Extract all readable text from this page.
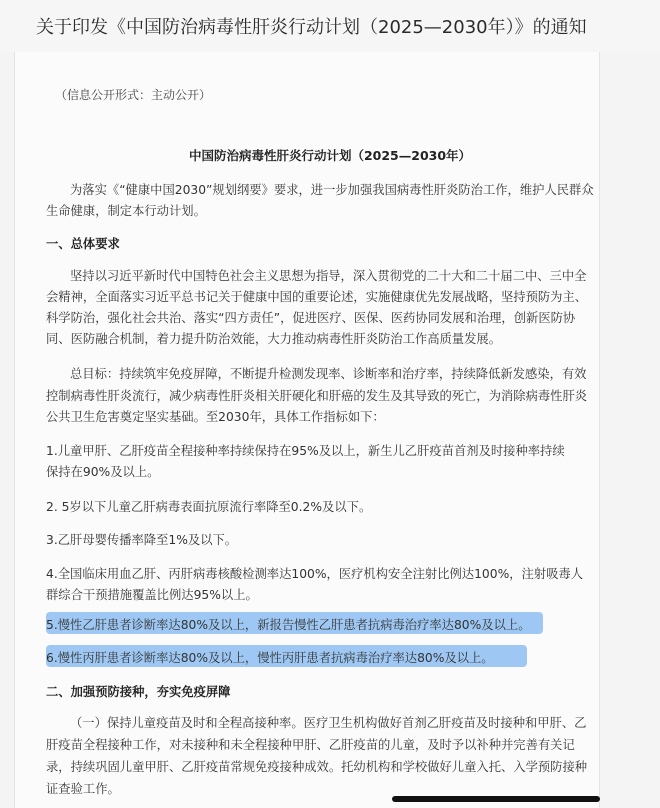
关于印发《中国防治病毒性肝炎行动计划（2025—2030年）》的通知
（信息公开形式：主动公开）
中国防治病毒性肝炎行动计划（2025—2030年）
为落实《“健康中国2030”规划纲要》要求，进一步加强我国病毒性肝炎防治工作，维护人民群众
生命健康，制定本行动计划。
一、总体要求
坚持以习近平新时代中国特色社会主义思想为指导，深入贯彻党的二十大和二十届二中、三中全
会精神，全面落实习近平总书记关于健康中国的重要论述，实施健康优先发展战略，坚持预防为主、
科学防治，强化社会共治、落实“四方责任”，促进医疗、医保、医药协同发展和治理，创新医防协
同、医防融合机制，着力提升防治效能，大力推动病毒性肝炎防治工作高质量发展。
总目标：持续筑牢免疫屏障，不断提升检测发现率、诊断率和治疗率，持续降低新发感染，有效
控制病毒性肝炎流行，减少病毒性肝炎相关肝硬化和肝癌的发生及其导致的死亡，为消除病毒性肝炎
公共卫生危害奠定坚实基础。至2030年，具体工作指标如下：
1.儿童甲肝、乙肝疫苗全程接种率持续保持在95%及以上，新生儿乙肝疫苗首剂及时接种率持续
保持在90%及以上。
2. 5岁以下儿童乙肝病毒表面抗原流行率降至0.2%及以下。
3.乙肝母婴传播率降至1%及以下。
4.全国临床用血乙肝、丙肝病毒核酸检测率达100%，医疗机构安全注射比例达100%，注射吸毒人
群综合干预措施覆盖比例达95%以上。
5.慢性乙肝患者诊断率达80%及以上，新报告慢性乙肝患者抗病毒治疗率达80%及以上。
6.慢性丙肝患者诊断率达80%及以上，慢性丙肝患者抗病毒治疗率达80%及以上。
二、加强预防接种，夯实免疫屏障
（一）保持儿童疫苗及时和全程高接种率。医疗卫生机构做好首剂乙肝疫苗及时接种和甲肝、乙
肝疫苗全程接种工作，对未接种和未全程接种甲肝、乙肝疫苗的儿童，及时予以补种并完善有关记
录，持续巩固儿童甲肝、乙肝疫苗常规免疫接种成效。托幼机构和学校做好儿童入托、入学预防接种
证查验工作。
